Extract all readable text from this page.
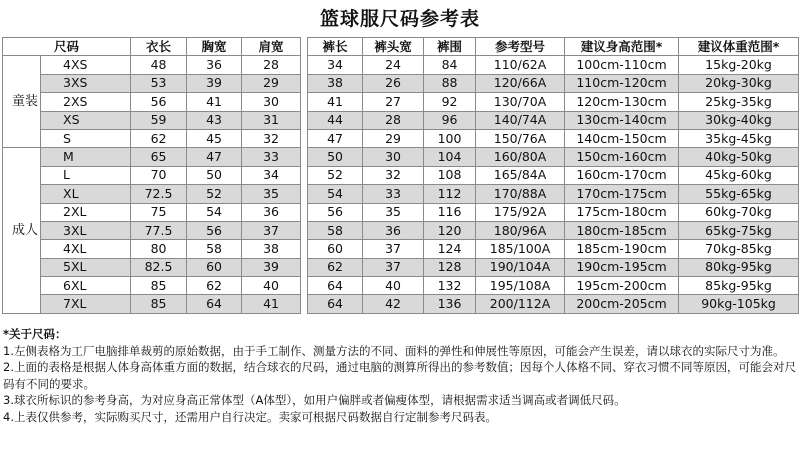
篮球服尺码参考表
尺码		衣长	胸宽	肩宽		裤长	裤头宽	裤围	参考型号	建议身高范围*	建议体重范围*
童装	4XS	48	36	28		34	24	84	110/62A	100cm-110cm	15kg-20kg
	3XS	53	39	29		38	26	88	120/66A	110cm-120cm	20kg-30kg
	2XS	56	41	30		41	27	92	130/70A	120cm-130cm	25kg-35kg
	XS	59	43	31		44	28	96	140/74A	130cm-140cm	30kg-40kg
	S	62	45	32		47	29	100	150/76A	140cm-150cm	35kg-45kg
成人	M	65	47	33		50	30	104	160/80A	150cm-160cm	40kg-50kg
	L	70	50	34		52	32	108	165/84A	160cm-170cm	45kg-60kg
	XL	72.5	52	35		54	33	112	170/88A	170cm-175cm	55kg-65kg
	2XL	75	54	36		56	35	116	175/92A	175cm-180cm	60kg-70kg
	3XL	77.5	56	37		58	36	120	180/96A	180cm-185cm	65kg-75kg
	4XL	80	58	38		60	37	124	185/100A	185cm-190cm	70kg-85kg
	5XL	82.5	60	39		62	37	128	190/104A	190cm-195cm	80kg-95kg
	6XL	85	62	40		64	40	132	195/108A	195cm-200cm	85kg-95kg
	7XL	85	64	41		64	42	136	200/112A	200cm-205cm	90kg-105kg

*关于尺码：

1.左侧表格为工厂电脑排单裁剪的原始数据，由于手工制作、测量方法的不同、面料的弹性和伸展性等原因，可能会产生误差，请以球衣的实际尺寸为准。

2.上面的表格是根据人体身高体重方面的数据，结合球衣的尺码，通过电脑的测算所得出的参考数值；因每个人体格不同、穿衣习惯不同等原因，可能会对尺码有不同的要求。

3.球衣所标识的参考身高，为对应身高正常体型（A体型），如用户偏胖或者偏瘦体型，请根据需求适当调高或者调低尺码。

4.上表仅供参考，实际购买尺寸，还需用户自行决定。卖家可根据尺码数据自行定制参考尺码表。
